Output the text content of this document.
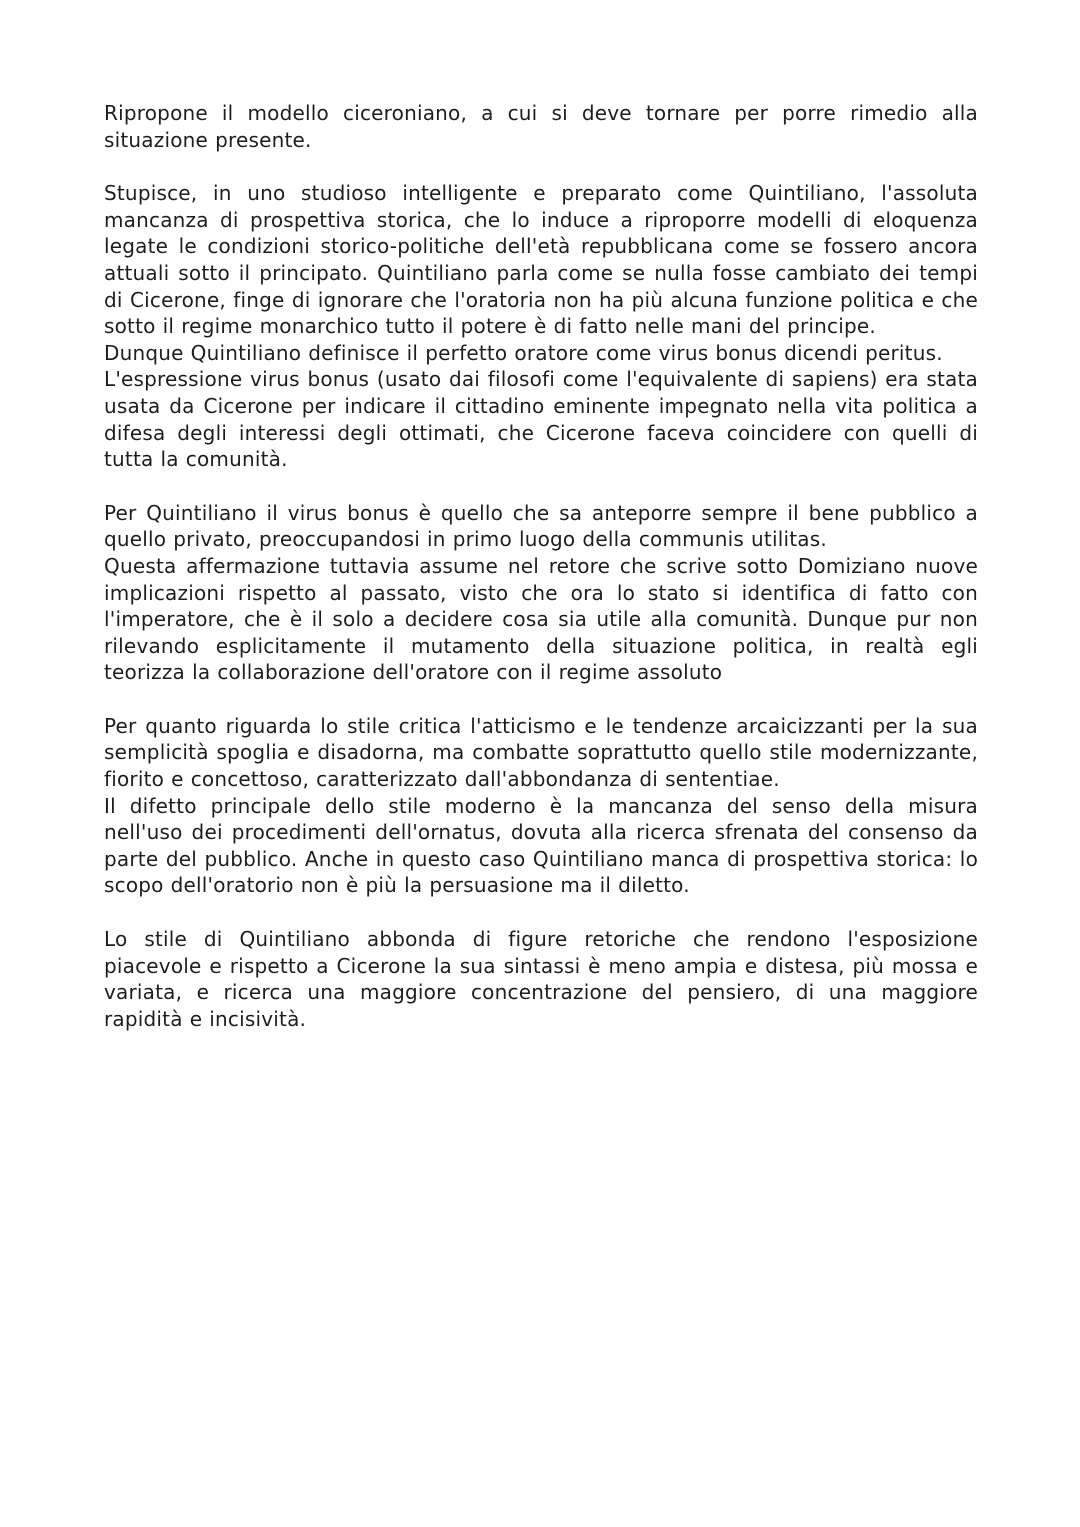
Ripropone il modello ciceroniano, a cui si deve tornare per porre rimedio alla situazione presente.

Stupisce, in uno studioso intelligente e preparato come Quintiliano, l'assoluta mancanza di prospettiva storica, che lo induce a riproporre modelli di eloquenza legate le condizioni storico-politiche dell'età repubblicana come se fossero ancora attuali sotto il principato. Quintiliano parla come se nulla fosse cambiato dei tempi di Cicerone, finge di ignorare che l'oratoria non ha più alcuna funzione politica e che sotto il regime monarchico tutto il potere è di fatto nelle mani del principe.

Dunque Quintiliano definisce il perfetto oratore come virus bonus dicendi peritus.

L'espressione virus bonus (usato dai filosofi come l'equivalente di sapiens) era stata usata da Cicerone per indicare il cittadino eminente impegnato nella vita politica a difesa degli interessi degli ottimati, che Cicerone faceva coincidere con quelli di tutta la comunità.

Per Quintiliano il virus bonus è quello che sa anteporre sempre il bene pubblico a quello privato, preoccupandosi in primo luogo della communis utilitas.

Questa affermazione tuttavia assume nel retore che scrive sotto Domiziano nuove implicazioni rispetto al passato, visto che ora lo stato si identifica di fatto con l'imperatore, che è il solo a decidere cosa sia utile alla comunità. Dunque pur non rilevando esplicitamente il mutamento della situazione politica, in realtà egli teorizza la collaborazione dell'oratore con il regime assoluto

Per quanto riguarda lo stile critica l'atticismo e le tendenze arcaicizzanti per la sua semplicità spoglia e disadorna, ma combatte soprattutto quello stile modernizzante, fiorito e concettoso, caratterizzato dall'abbondanza di sententiae.

Il difetto principale dello stile moderno è la mancanza del senso della misura nell'uso dei procedimenti dell'ornatus, dovuta alla ricerca sfrenata del consenso da parte del pubblico. Anche in questo caso Quintiliano manca di prospettiva storica: lo scopo dell'oratorio non è più la persuasione ma il diletto.

Lo stile di Quintiliano abbonda di figure retoriche che rendono l'esposizione piacevole e rispetto a Cicerone la sua sintassi è meno ampia e distesa, più mossa e variata, e ricerca una maggiore concentrazione del pensiero, di una maggiore rapidità e incisività.
